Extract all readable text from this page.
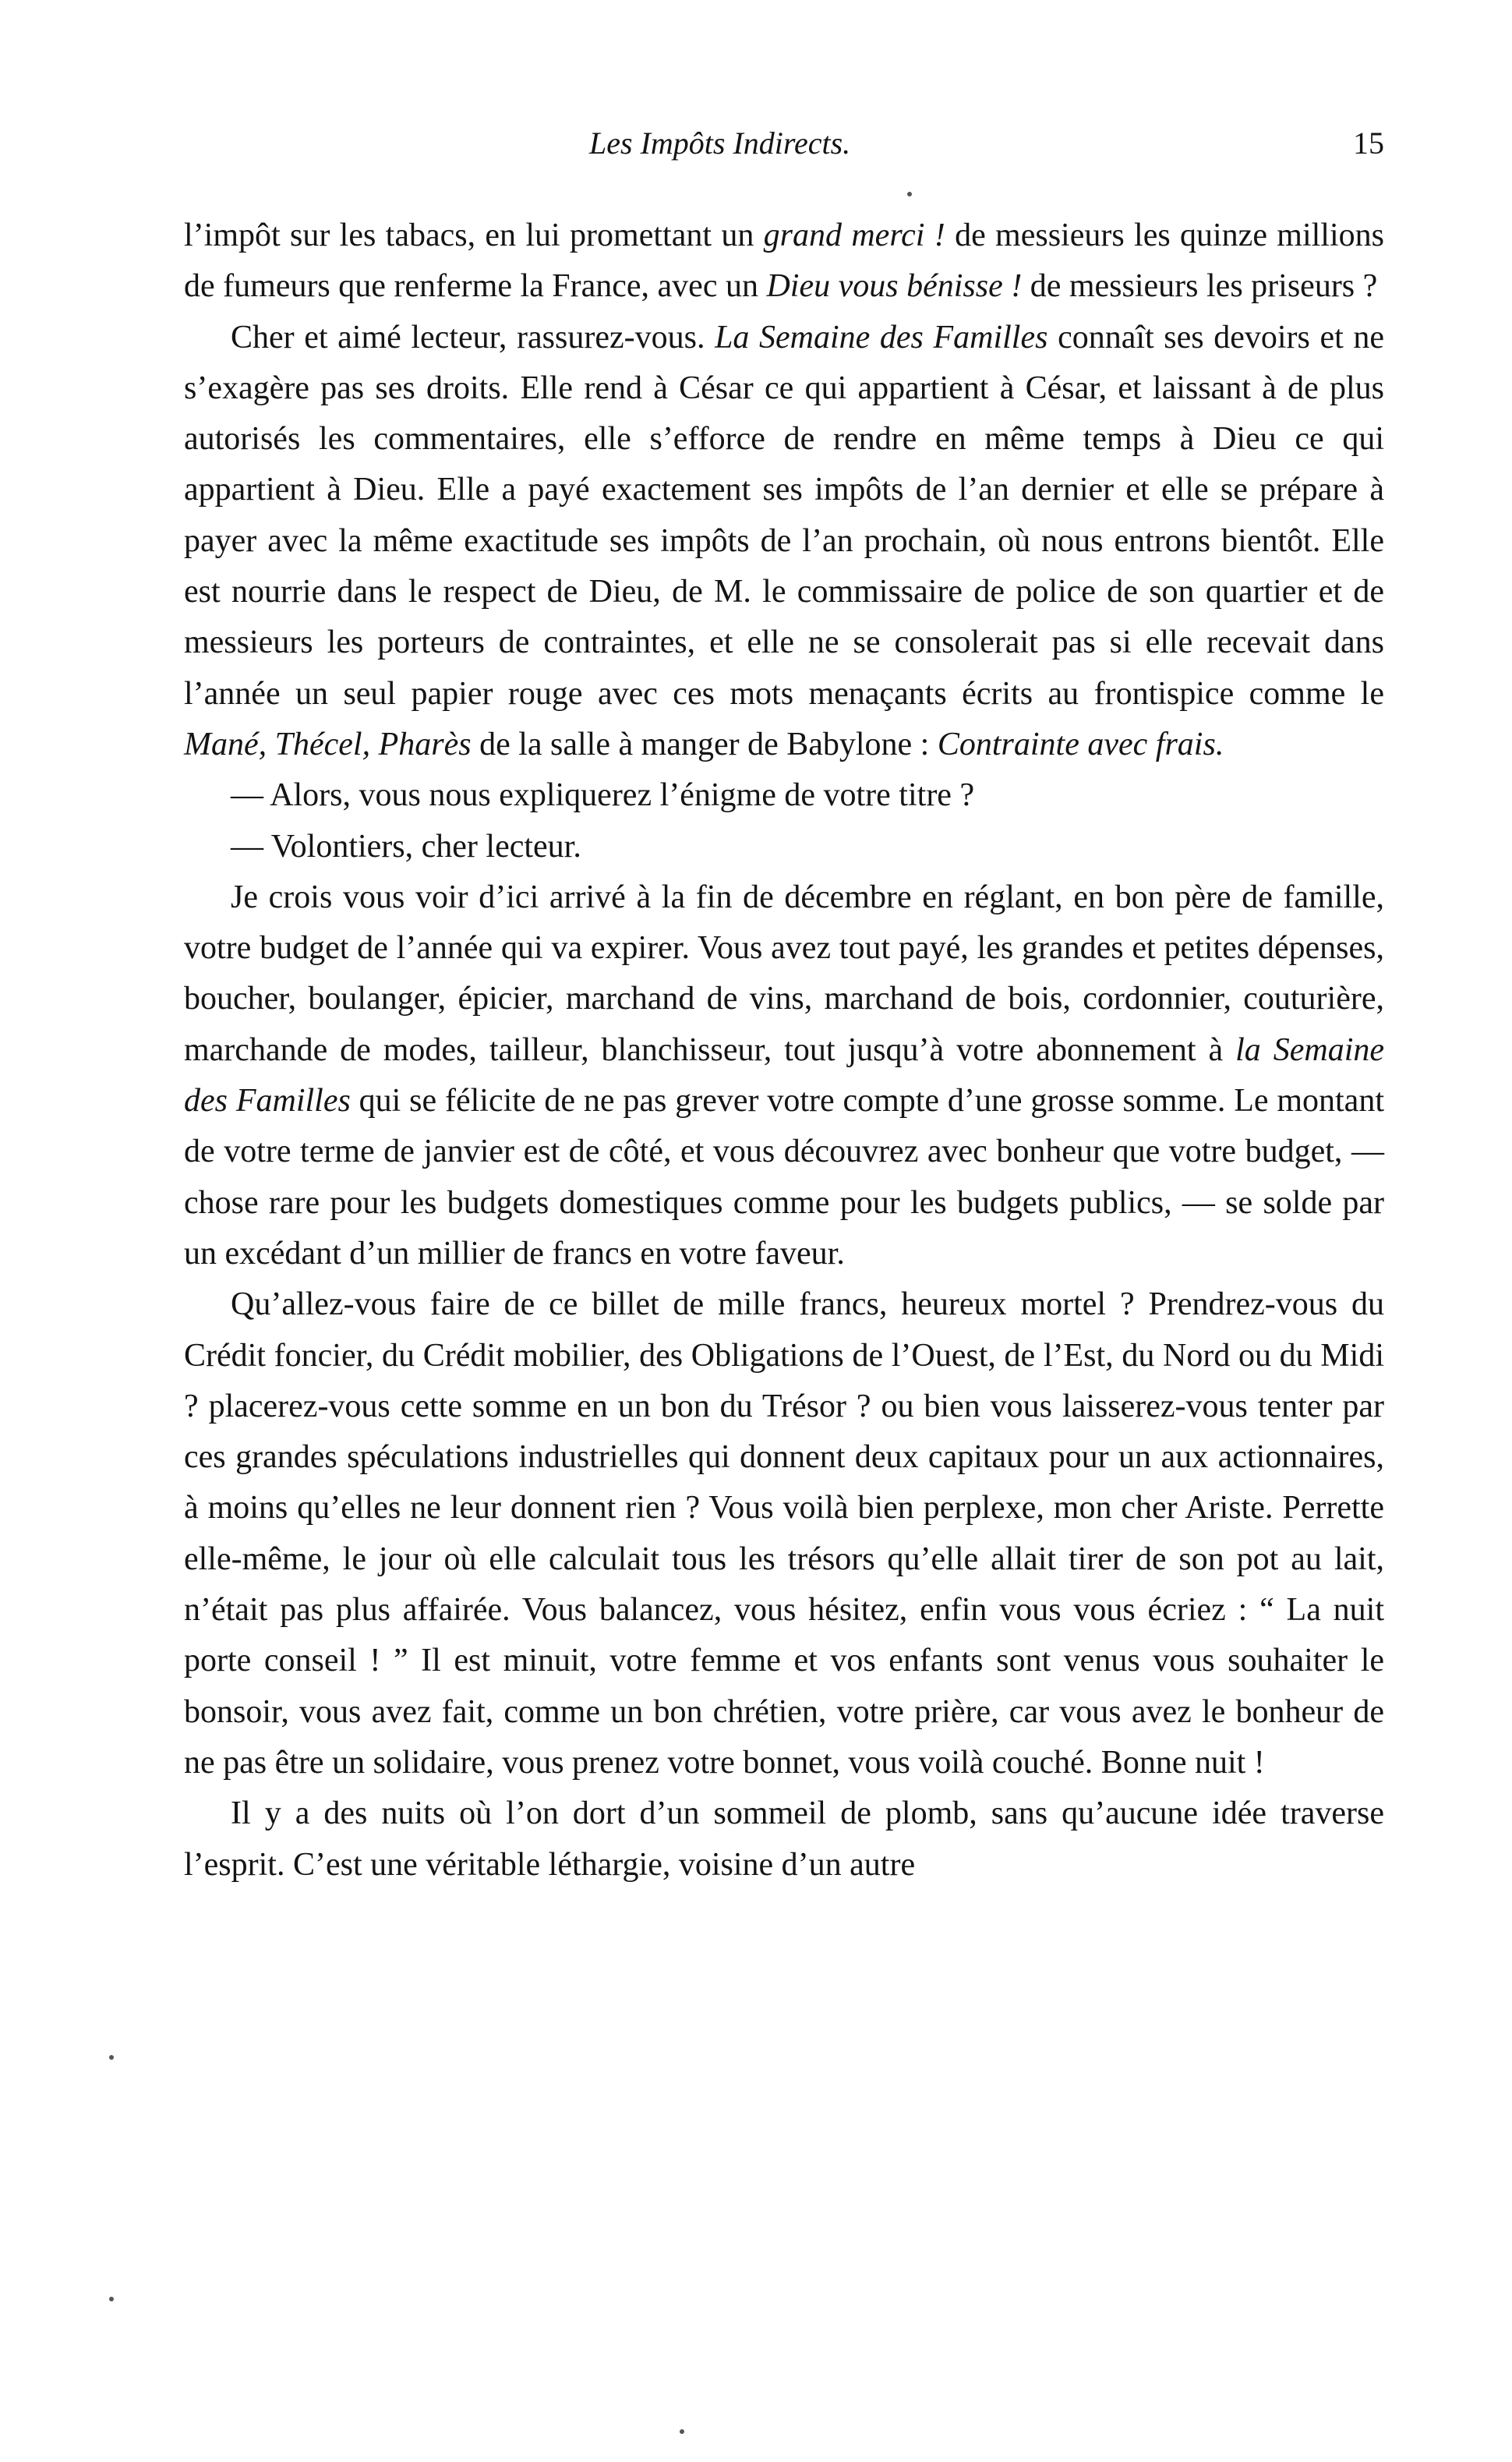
Les Impôts Indirects.	15

l’impôt sur les tabacs, en lui promettant un grand merci ! de messieurs les quinze millions de fumeurs que renferme la France, avec un Dieu vous bénisse ! de messieurs les priseurs ?

Cher et aimé lecteur, rassurez-vous. La Semaine des Familles connaît ses devoirs et ne s’exagère pas ses droits. Elle rend à César ce qui appartient à César, et laissant à de plus autorisés les commentaires, elle s’efforce de rendre en même temps à Dieu ce qui appartient à Dieu. Elle a payé exactement ses impôts de l’an dernier et elle se prépare à payer avec la même exactitude ses impôts de l’an prochain, où nous entrons bientôt. Elle est nourrie dans le respect de Dieu, de M. le commissaire de police de son quartier et de messieurs les porteurs de contraintes, et elle ne se consolerait pas si elle recevait dans l’année un seul papier rouge avec ces mots menaçants écrits au frontispice comme le Mané, Thécel, Pharès de la salle à manger de Babylone : Contrainte avec frais.

— Alors, vous nous expliquerez l’énigme de votre titre ?

— Volontiers, cher lecteur.

Je crois vous voir d’ici arrivé à la fin de décembre en réglant, en bon père de famille, votre budget de l’année qui va expirer. Vous avez tout payé, les grandes et petites dépenses, boucher, boulanger, épicier, marchand de vins, marchand de bois, cordonnier, couturière, marchande de modes, tailleur, blanchisseur, tout jusqu’à votre abonnement à la Semaine des Familles qui se félicite de ne pas grever votre compte d’une grosse somme. Le montant de votre terme de janvier est de côté, et vous découvrez avec bonheur que votre budget, — chose rare pour les budgets domestiques comme pour les budgets publics, — se solde par un excédant d’un millier de francs en votre faveur.

Qu’allez-vous faire de ce billet de mille francs, heureux mortel ? Prendrez-vous du Crédit foncier, du Crédit mobilier, des Obligations de l’Ouest, de l’Est, du Nord ou du Midi ? placerez-vous cette somme en un bon du Trésor ? ou bien vous laisserez-vous tenter par ces grandes spéculations industrielles qui donnent deux capitaux pour un aux actionnaires, à moins qu’elles ne leur donnent rien ? Vous voilà bien perplexe, mon cher Ariste. Perrette elle-même, le jour où elle calculait tous les trésors qu’elle allait tirer de son pot au lait, n’était pas plus affairée. Vous balancez, vous hésitez, enfin vous vous écriez : “ La nuit porte conseil ! ” Il est minuit, votre femme et vos enfants sont venus vous souhaiter le bonsoir, vous avez fait, comme un bon chrétien, votre prière, car vous avez le bonheur de ne pas être un solidaire, vous prenez votre bonnet, vous voilà couché. Bonne nuit !

Il y a des nuits où l’on dort d’un sommeil de plomb, sans qu’aucune idée traverse l’esprit. C’est une véritable léthargie, voisine d’un autre
